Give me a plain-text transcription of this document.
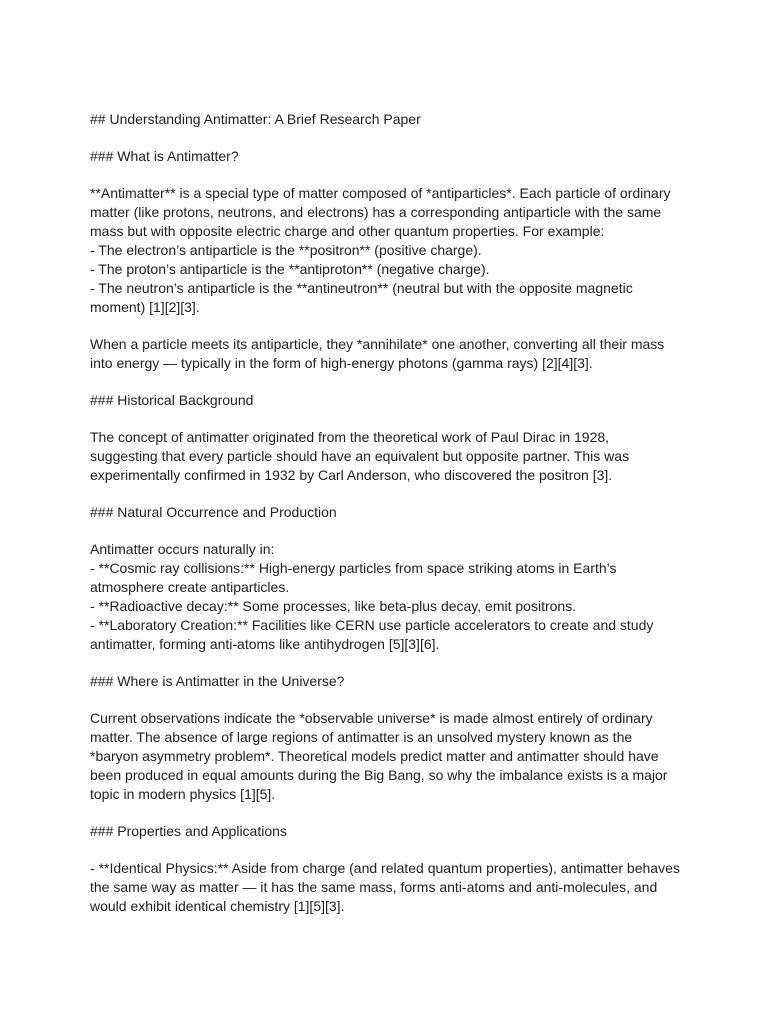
## Understanding Antimatter: A Brief Research Paper
### What is Antimatter?
**Antimatter** is a special type of matter composed of *antiparticles*. Each particle of ordinary matter (like protons, neutrons, and electrons) has a corresponding antiparticle with the same mass but with opposite electric charge and other quantum properties. For example:
- The electron’s antiparticle is the **positron** (positive charge).
- The proton’s antiparticle is the **antiproton** (negative charge).
- The neutron’s antiparticle is the **antineutron** (neutral but with the opposite magnetic moment) [1][2][3].
When a particle meets its antiparticle, they *annihilate* one another, converting all their mass into energy — typically in the form of high-energy photons (gamma rays) [2][4][3].
### Historical Background
The concept of antimatter originated from the theoretical work of Paul Dirac in 1928, suggesting that every particle should have an equivalent but opposite partner. This was experimentally confirmed in 1932 by Carl Anderson, who discovered the positron [3].
### Natural Occurrence and Production
Antimatter occurs naturally in:
- **Cosmic ray collisions:** High-energy particles from space striking atoms in Earth’s atmosphere create antiparticles.
- **Radioactive decay:** Some processes, like beta-plus decay, emit positrons.
- **Laboratory Creation:** Facilities like CERN use particle accelerators to create and study antimatter, forming anti-atoms like antihydrogen [5][3][6].
### Where is Antimatter in the Universe?
Current observations indicate the *observable universe* is made almost entirely of ordinary matter. The absence of large regions of antimatter is an unsolved mystery known as the *baryon asymmetry problem*. Theoretical models predict matter and antimatter should have been produced in equal amounts during the Big Bang, so why the imbalance exists is a major topic in modern physics [1][5].
### Properties and Applications
- **Identical Physics:** Aside from charge (and related quantum properties), antimatter behaves the same way as matter — it has the same mass, forms anti-atoms and anti-molecules, and would exhibit identical chemistry [1][5][3].
